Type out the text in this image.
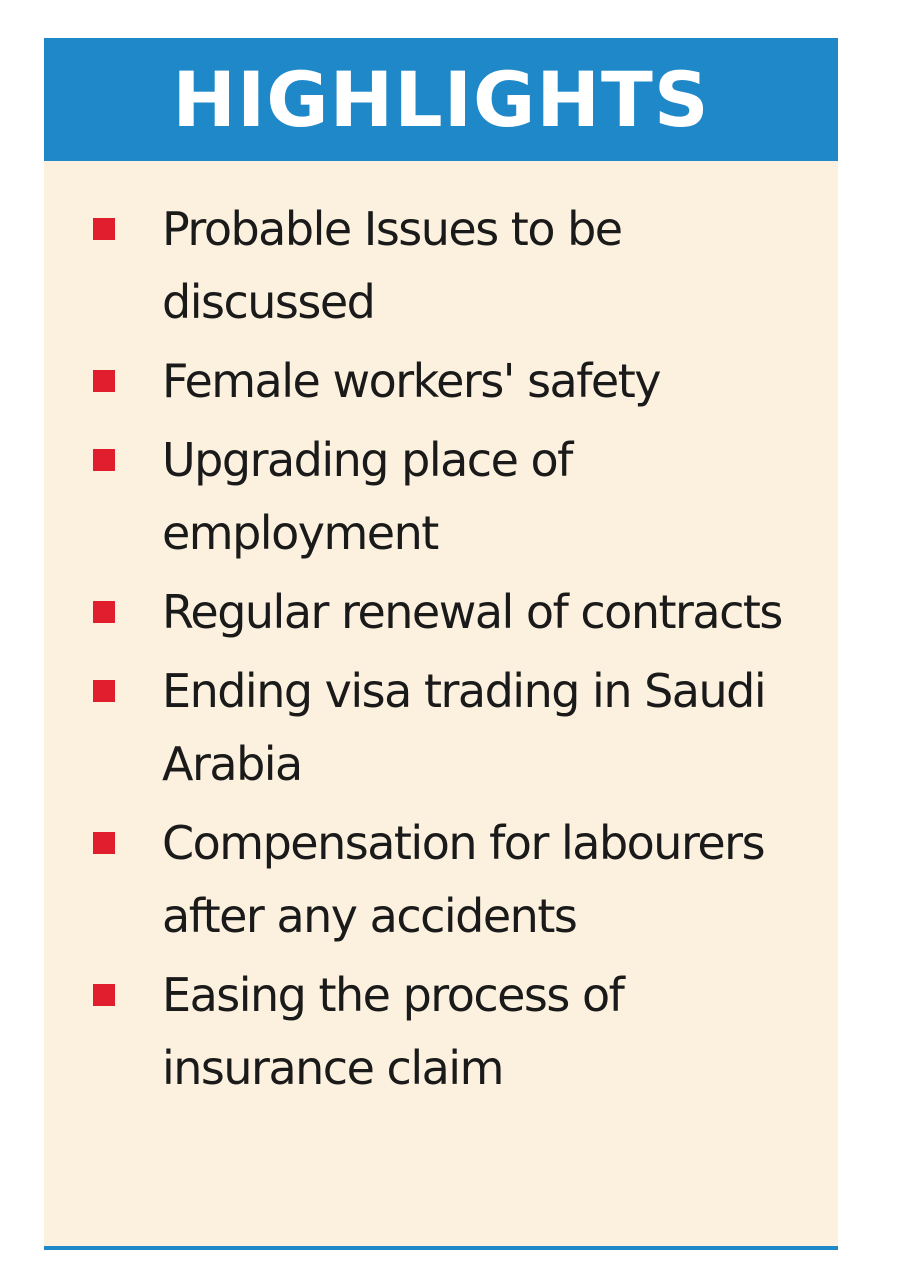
HIGHLIGHTS
Probable Issues to be discussed
Female workers' safety
Upgrading place of employment
Regular renewal of contracts
Ending visa trading in Saudi Arabia
Compensation for labourers after any accidents
Easing the process of insurance claim
